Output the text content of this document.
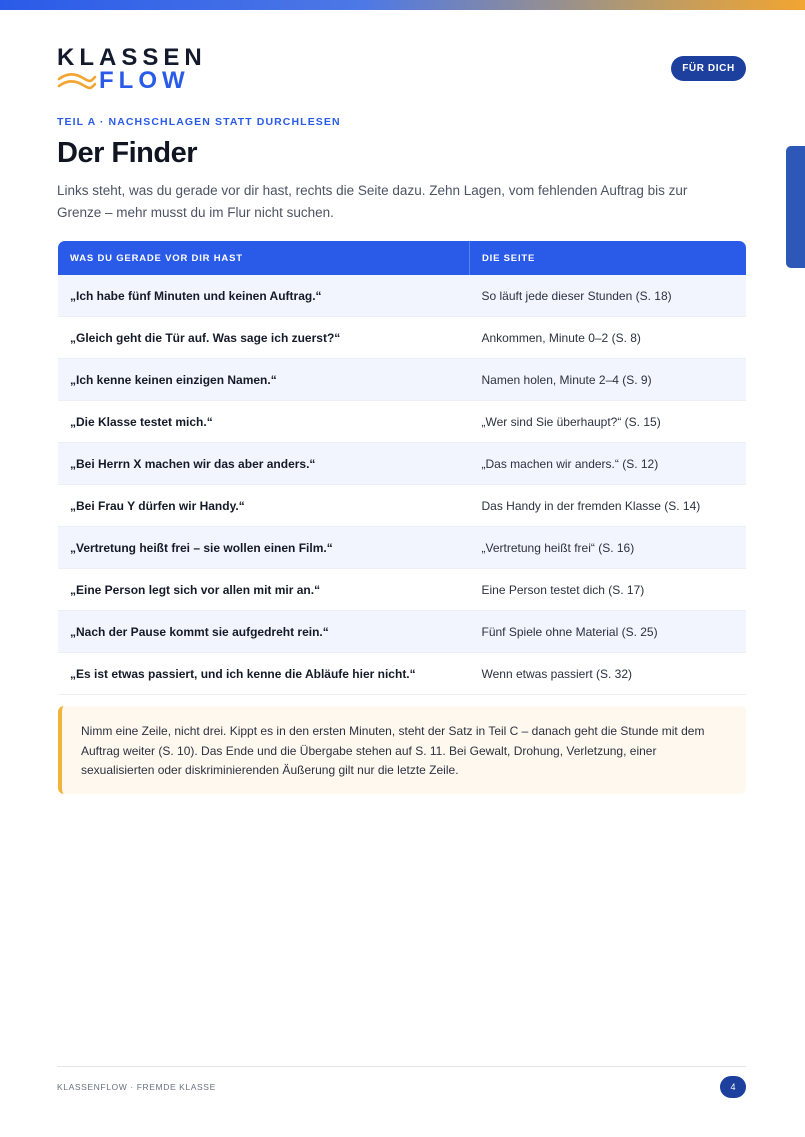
KLASSEN
FLOW	FÜR DICH
TEIL A · NACHSCHLAGEN STATT DURCHLESEN
Der Finder
Links steht, was du gerade vor dir hast, rechts die Seite dazu. Zehn Lagen, vom fehlenden Auftrag bis zur Grenze – mehr musst du im Flur nicht suchen.
WAS DU GERADE VOR DIR HAST	DIE SEITE
„Ich habe fünf Minuten und keinen Auftrag.“	So läuft jede dieser Stunden (S. 18)
„Gleich geht die Tür auf. Was sage ich zuerst?“	Ankommen, Minute 0–2 (S. 8)
„Ich kenne keinen einzigen Namen.“	Namen holen, Minute 2–4 (S. 9)
„Die Klasse testet mich.“	„Wer sind Sie überhaupt?“ (S. 15)
„Bei Herrn X machen wir das aber anders.“	„Das machen wir anders.“ (S. 12)
„Bei Frau Y dürfen wir Handy.“	Das Handy in der fremden Klasse (S. 14)
„Vertretung heißt frei – sie wollen einen Film.“	„Vertretung heißt frei“ (S. 16)
„Eine Person legt sich vor allen mit mir an.“	Eine Person testet dich (S. 17)
„Nach der Pause kommt sie aufgedreht rein.“	Fünf Spiele ohne Material (S. 25)
„Es ist etwas passiert, und ich kenne die Abläufe hier nicht.“	Wenn etwas passiert (S. 32)
Nimm eine Zeile, nicht drei. Kippt es in den ersten Minuten, steht der Satz in Teil C – danach geht die Stunde mit dem Auftrag weiter (S. 10). Das Ende und die Übergabe stehen auf S. 11. Bei Gewalt, Drohung, Verletzung, einer sexualisierten oder diskriminierenden Äußerung gilt nur die letzte Zeile.
KLASSENFLOW · FREMDE KLASSE	4
